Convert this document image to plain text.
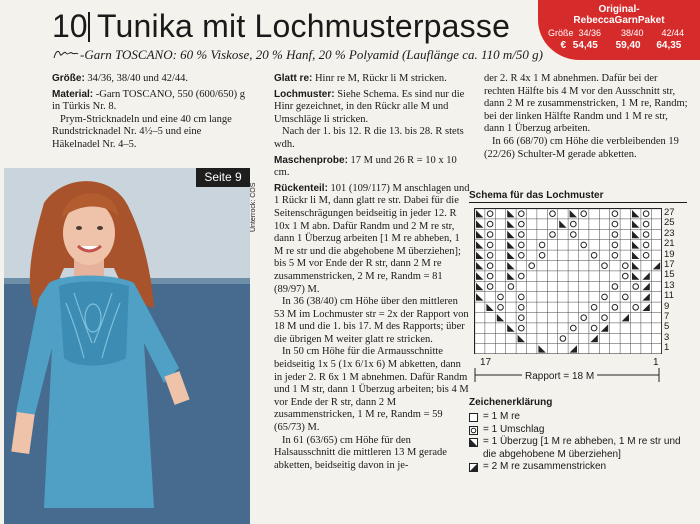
10 Tunika mit Lochmusterpasse
-Garn TOSCANO: 60 % Viskose, 20 % Hanf, 20 % Polyamid (Lauflänge ca. 110 m/50 g)
Original-
RebeccaGarnPaket
Größe 34/36 38/40 42/44
€ 54,45 59,40 64,35

Größe: 34/36, 38/40 und 42/44.

Material: -Garn TOSCANO, 550 (600/650) g in Türkis Nr. 8.

Prym-Stricknadeln und eine 40 cm lange Rundstricknadel Nr. 4½–5 und eine Häkelnadel Nr. 4–5.

Seite 9
Unterrock: COS

Glatt re: Hinr re M, Rückr li M stricken.

Lochmuster: Siehe Schema. Es sind nur die Hinr gezeichnet, in den Rückr alle M und Umschläge li stricken.

Nach der 1. bis 12. R die 13. bis 28. R stets wdh.

Maschenprobe: 17 M und 26 R = 10 x 10 cm.

Rückenteil: 101 (109/117) M anschlagen und 1 Rückr li M, dann glatt re str. Dabei für die Seitenschrägungen beidseitig in jeder 12. R 10x 1 M abn. Dafür Randm und 2 M re str, dann 1 Überzug arbeiten [1 M re abheben, 1 M re str und die abgehobene M überziehen]; bis 5 M vor Ende der R str, dann 2 M re zusammenstricken, 2 M re, Randm = 81 (89/97) M.

In 36 (38/40) cm Höhe über den mittleren 53 M im Lochmuster str = 2x der Rapport von 18 M und die 1. bis 17. M des Rapports; über die übrigen M weiter glatt re stricken.

In 50 cm Höhe für die Armausschnitte beidseitig 1x 5 (1x 6/1x 6) M abketten, dann in jeder 2. R 6x 1 M abnehmen. Dafür Randm und 1 M str, dann 1 Überzug arbeiten; bis 4 M vor Ende der R str, dann 2 M zusammenstricken, 1 M re, Randm = 59 (65/73) M.

In 61 (63/65) cm Höhe für den Halsausschnitt die mittleren 13 M gerade abketten, beidseitig davon in je-

der 2. R 4x 1 M abnehmen. Dafür bei der rechten Hälfte bis 4 M vor den Ausschnitt str, dann 2 M re zusammenstricken, 1 M re, Randm; bei der linken Hälfte Randm und 1 M re str, dann 1 Überzug arbeiten.

In 66 (68/70) cm Höhe die verbleibenden 19 (22/26) Schulter-M gerade abketten.

Schema für das Lochmuster
27
25
23
21
19
17
15
13
11
9
7
5
3
1
17	1
Rapport = 18 M
Zeichenerklärung
= 1 M re
= 1 Umschlag
= 1 Überzug [1 M re abheben, 1 M re str und die abgehobene M überziehen]
= 2 M re zusammenstricken
